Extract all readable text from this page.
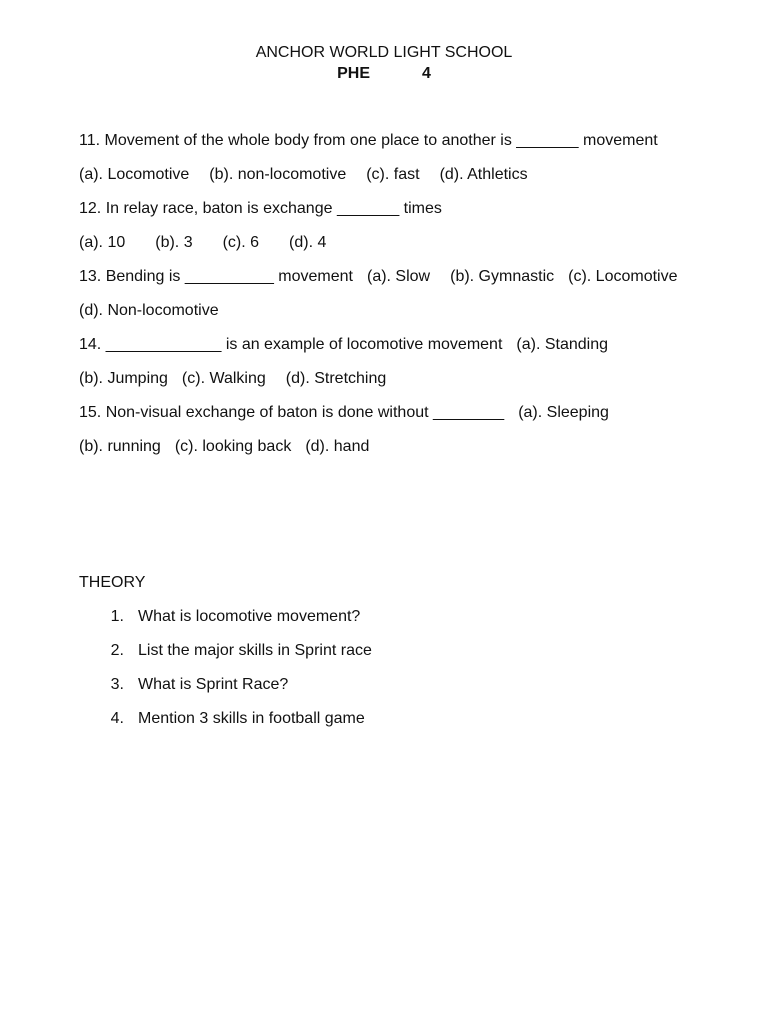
ANCHOR WORLD LIGHT SCHOOL
PHE	4
11. Movement of the whole body from one place to another is _______ movement
(a). Locomotive (b). non-locomotive (c). fast (d). Athletics
12. In relay race, baton is exchange _______ times
(a). 10 (b). 3 (c). 6 (d). 4
13. Bending is __________ movement (a). Slow (b). Gymnastic (c). Locomotive
(d). Non-locomotive
14. _____________ is an example of locomotive movement (a). Standing
(b). Jumping (c). Walking (d). Stretching
15. Non-visual exchange of baton is done without ________ (a). Sleeping
(b). running (c). looking back (d). hand
THEORY
1. What is locomotive movement?
2. List the major skills in Sprint race
3. What is Sprint Race?
4. Mention 3 skills in football game
